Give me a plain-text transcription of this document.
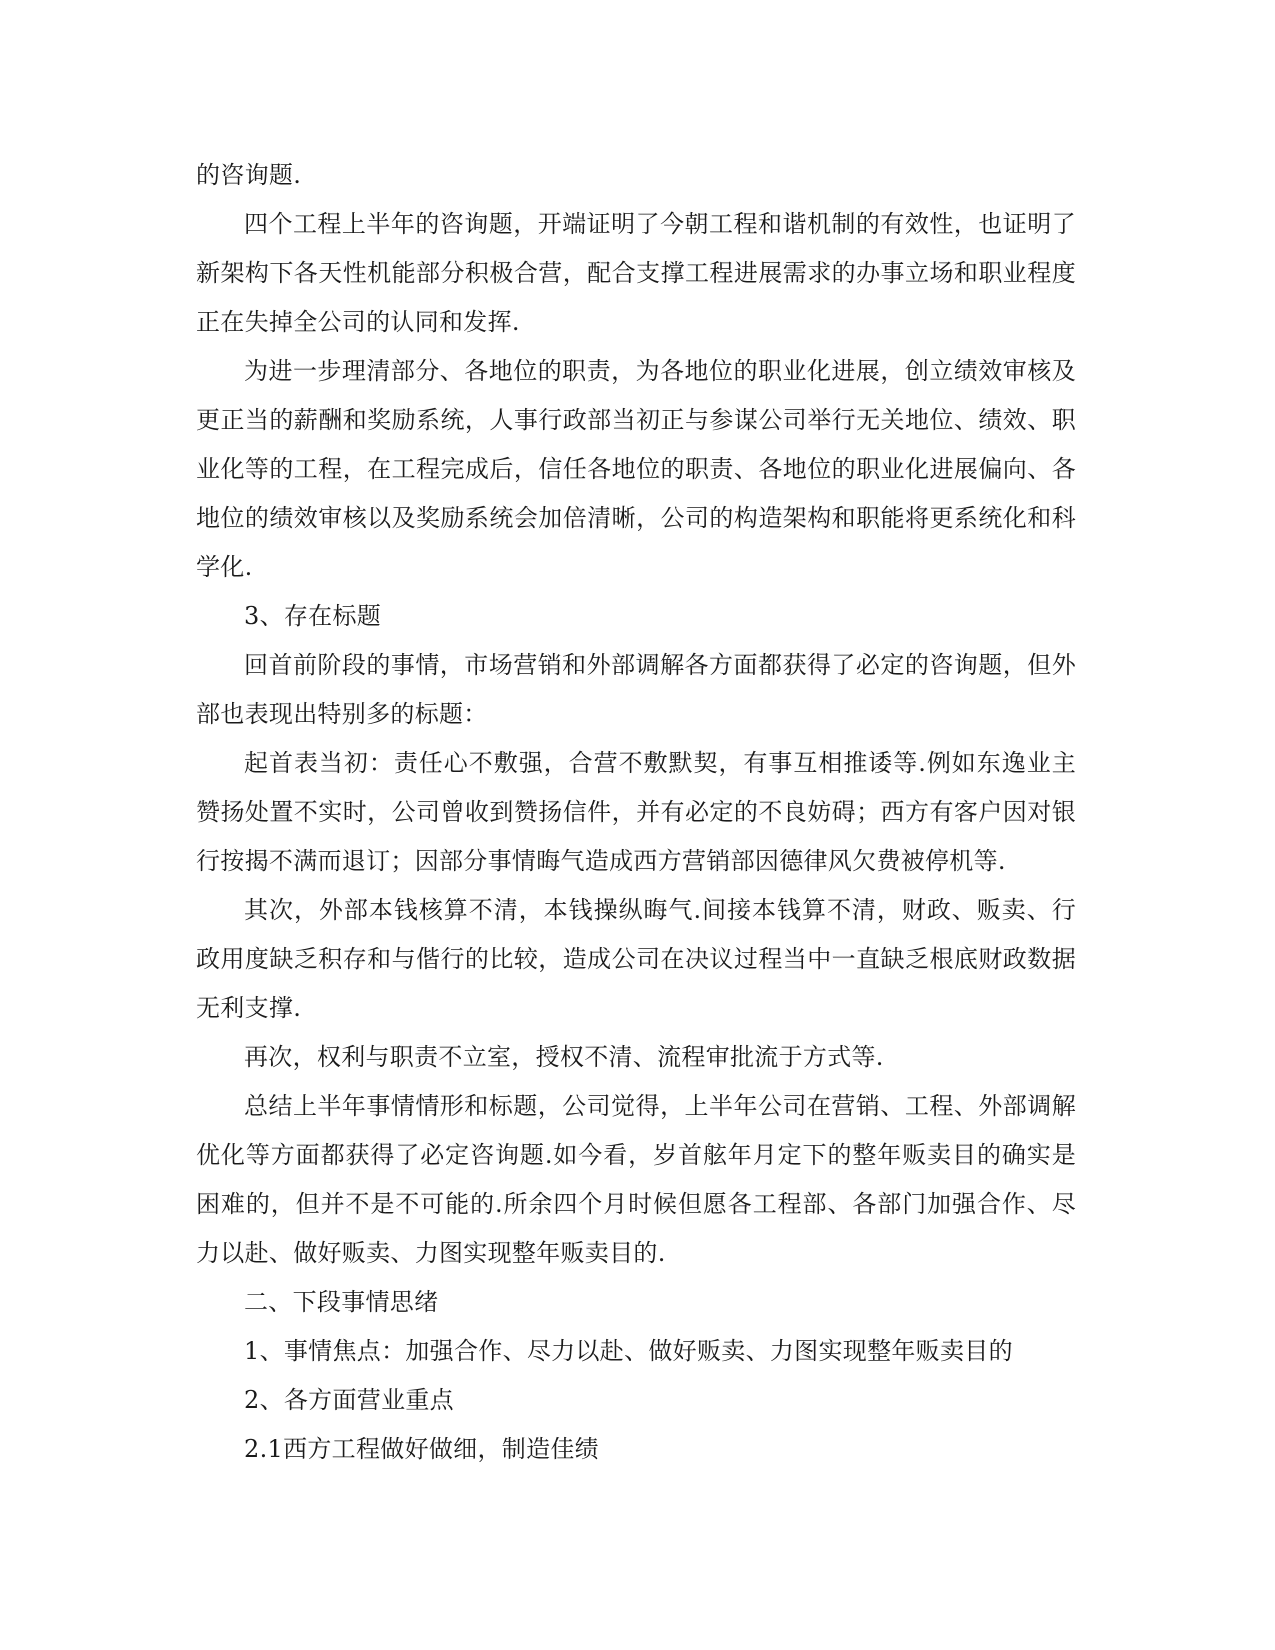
的咨询题.

四个工程上半年的咨询题，开端证明了今朝工程和谐机制的有效性，也证明了新架构下各天性机能部分积极合营，配合支撑工程进展需求的办事立场和职业程度正在失掉全公司的认同和发挥.

为进一步理清部分、各地位的职责，为各地位的职业化进展，创立绩效审核及更正当的薪酬和奖励系统，人事行政部当初正与参谋公司举行无关地位、绩效、职业化等的工程，在工程完成后，信任各地位的职责、各地位的职业化进展偏向、各地位的绩效审核以及奖励系统会加倍清晰，公司的构造架构和职能将更系统化和科学化.

3、存在标题

回首前阶段的事情，市场营销和外部调解各方面都获得了必定的咨询题，但外部也表现出特别多的标题：

起首表当初：责任心不敷强，合营不敷默契，有事互相推诿等.例如东逸业主赞扬处置不实时，公司曾收到赞扬信件，并有必定的不良妨碍；西方有客户因对银行按揭不满而退订；因部分事情晦气造成西方营销部因德律风欠费被停机等.

其次，外部本钱核算不清，本钱操纵晦气.间接本钱算不清，财政、贩卖、行政用度缺乏积存和与偕行的比较，造成公司在决议过程当中一直缺乏根底财政数据无利支撑.

再次，权利与职责不立室，授权不清、流程审批流于方式等.

总结上半年事情情形和标题，公司觉得，上半年公司在营销、工程、外部调解优化等方面都获得了必定咨询题.如今看，岁首舷年月定下的整年贩卖目的确实是困难的，但并不是不可能的.所余四个月时候但愿各工程部、各部门加强合作、尽力以赴、做好贩卖、力图实现整年贩卖目的.

二、下段事情思绪

1、事情焦点：加强合作、尽力以赴、做好贩卖、力图实现整年贩卖目的

2、各方面营业重点

2.1西方工程做好做细，制造佳绩
